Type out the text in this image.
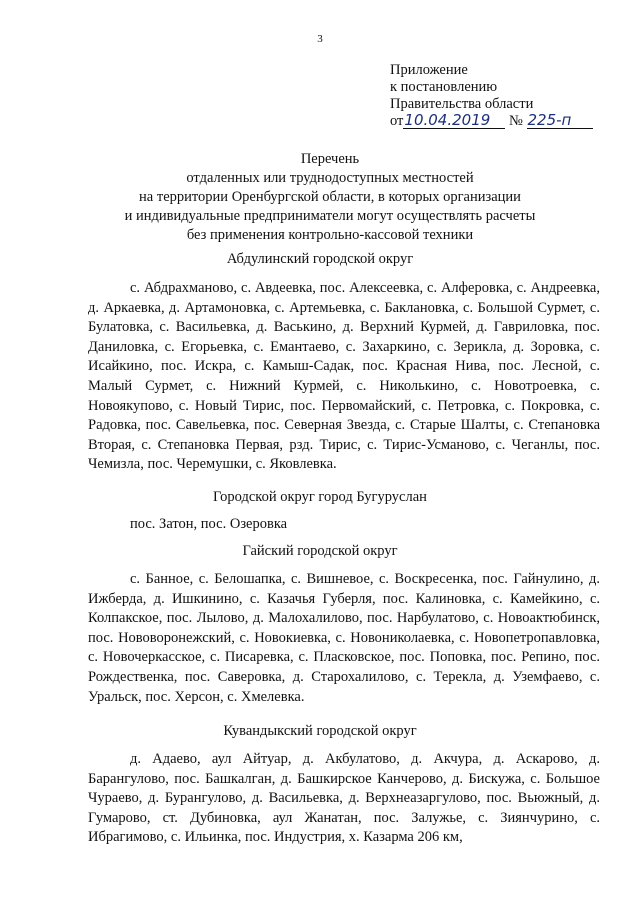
3
Приложение
к постановлению
Правительства области
от10.04.2019 № 225-п
Перечень
отдаленных или труднодоступных местностей
на территории Оренбургской области, в которых организации
и индивидуальные предприниматели могут осуществлять расчеты
без применения контрольно-кассовой техники
Абдулинский городской округ
с. Абдрахманово, с. Авдеевка, пос. Алексеевка, с. Алферовка, с. Андреевка, д. Аркаевка, д. Артамоновка, с. Артемьевка, с. Баклановка, с. Большой Сурмет, с. Булатовка, с. Васильевка, д. Васькино, д. Верхний Курмей, д. Гавриловка, пос. Даниловка, с. Егорьевка, с. Емантаево, с. Захаркино, с. Зерикла, д. Зоровка, с. Исайкино, пос. Искра, с. Камыш-Садак, пос. Красная Нива, пос. Лесной, с. Малый Сурмет, с. Нижний Курмей, с. Николькино, с. Новотроевка, с. Новоякупово, с. Новый Тирис, пос. Первомайский, с. Петровка, с. Покровка, с. Радовка, пос. Савельевка, пос. Северная Звезда, с. Старые Шалты, с. Степановка Вторая, с. Степановка Первая, рзд. Тирис, с. Тирис-Усманово, с. Чеганлы, пос. Чемизла, пос. Черемушки, с. Яковлевка.
Городской округ город Бугуруслан
пос. Затон, пос. Озеровка
Гайский городской округ
с. Банное, с. Белошапка, с. Вишневое, с. Воскресенка, пос. Гайнулино, д. Ижберда, д. Ишкинино, с. Казачья Губерля, пос. Калиновка, с. Камейкино, с. Колпакское, пос. Лылово, д. Малохалилово, пос. Нарбулатово, с. Новоактюбинск, пос. Нововоронежский, с. Новокиевка, с. Новониколаевка, с. Новопетропавловка, с. Новочеркасское, с. Писаревка, с. Пласковское, пос. Поповка, пос. Репино, пос. Рождественка, пос. Саверовка, д. Старохалилово, с. Терекла, д. Уземфаево, с. Уральск, пос. Херсон, с. Хмелевка.
Кувандыкский городской округ
д. Адаево, аул Айтуар, д. Акбулатово, д. Акчура, д. Аскарово, д. Барангулово, пос. Башкалган, д. Башкирское Канчерово, д. Бискужа, с. Большое Чураево, д. Бурангулово, д. Васильевка, д. Верхнеазаргулово, пос. Вьюжный, д. Гумарово, ст. Дубиновка, аул Жанатан, пос. Залужье, с. Зиянчурино, с. Ибрагимово, с. Ильинка, пос. Индустрия, х. Казарма 206 км,
